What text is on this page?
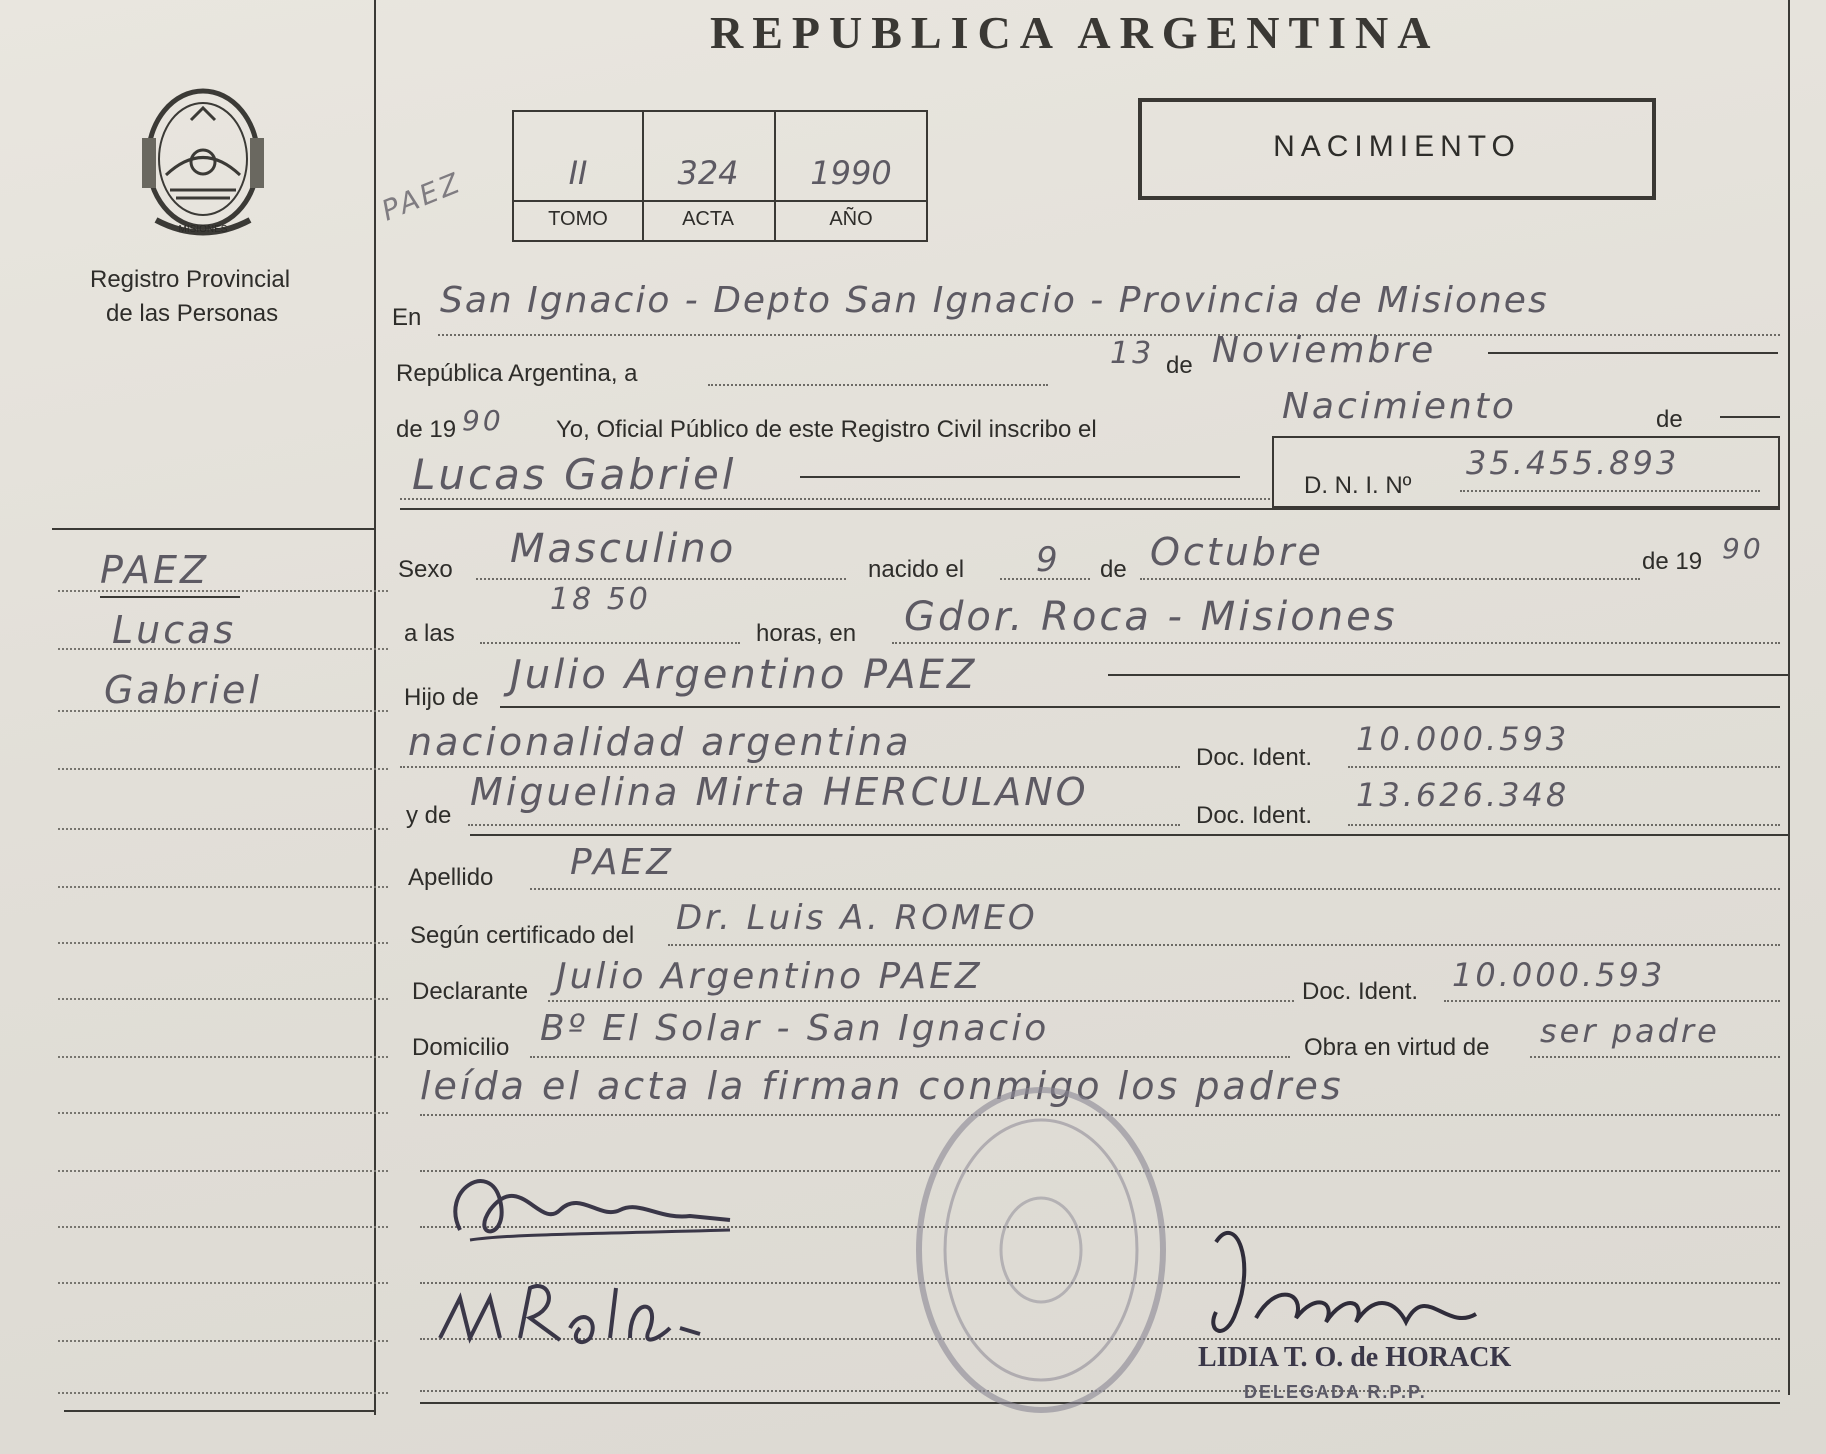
REPUBLICA ARGENTINA
MISIONES
Registro Provincial
de las Personas
PAEZ	II	324	1990
TOMO	ACTA	AÑO
NACIMIENTO
PAEZ
Lucas
Gabriel
En San Ignacio - Depto San Ignacio - Provincia de Misiones
República Argentina, a
13 de Noviembre
de 19 90 Yo, Oficial Público de este Registro Civil inscribo el
Nacimiento	de
Lucas Gabriel	D. N. I. Nº
35.455.893
Sexo Masculino	nacido el 9 de Octubre	de 19 90
a las
18 50
horas, en Gdor. Roca - Misiones
Hijo de Julio Argentino PAEZ
nacionalidad argentina	Doc. Ident. 10.000.593
y de
Miguelina Mirta HERCULANO
Doc. Ident.
13.626.348
Apellido PAEZ
Según certificado del Dr. Luis A. ROMEO
Declarante Julio Argentino PAEZ	Doc. Ident. 10.000.593
Domicilio Bº El Solar - San Ignacio	Obra en virtud de ser padre
leída el acta la firman conmigo los padres
LIDIA T. O. de HORACK
DELEGADA R.P.P.
